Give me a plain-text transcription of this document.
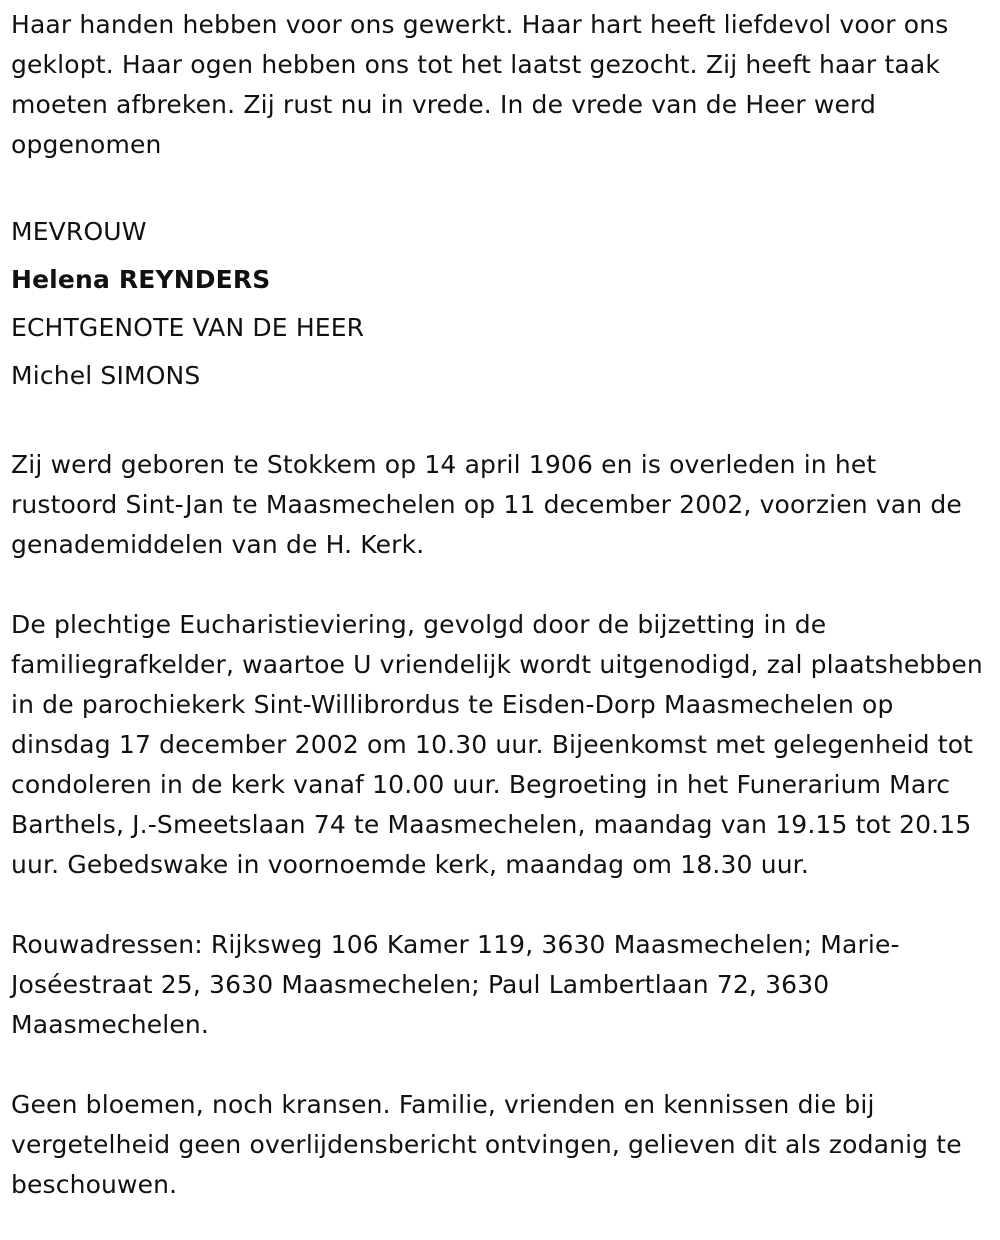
Haar handen hebben voor ons gewerkt. Haar hart heeft liefdevol voor ons geklopt. Haar ogen hebben ons tot het laatst gezocht. Zij heeft haar taak moeten afbreken. Zij rust nu in vrede. In de vrede van de Heer werd opgenomen

MEVROUW

Helena REYNDERS

ECHTGENOTE VAN DE HEER

Michel SIMONS

Zij werd geboren te Stokkem op 14 april 1906 en is overleden in het rustoord Sint-Jan te Maasmechelen op 11 december 2002, voorzien van de genademiddelen van de H. Kerk.

De plechtige Eucharistieviering, gevolgd door de bijzetting in de familiegrafkelder, waartoe U vriendelijk wordt uitgenodigd, zal plaatshebben in de parochiekerk Sint-Willibrordus te Eisden-Dorp Maasmechelen op dinsdag 17 december 2002 om 10.30 uur. Bijeenkomst met gelegenheid tot condoleren in de kerk vanaf 10.00 uur. Begroeting in het Funerarium Marc Barthels, J.-Smeetslaan 74 te Maasmechelen, maandag van 19.15 tot 20.15 uur. Gebedswake in voornoemde kerk, maandag om 18.30 uur.

Rouwadressen: Rijksweg 106 Kamer 119, 3630 Maasmechelen; Marie-Joséestraat 25, 3630 Maasmechelen; Paul Lambertlaan 72, 3630 Maasmechelen.

Geen bloemen, noch kransen. Familie, vrienden en kennissen die bij vergetelheid geen overlijdensbericht ontvingen, gelieven dit als zodanig te beschouwen.
